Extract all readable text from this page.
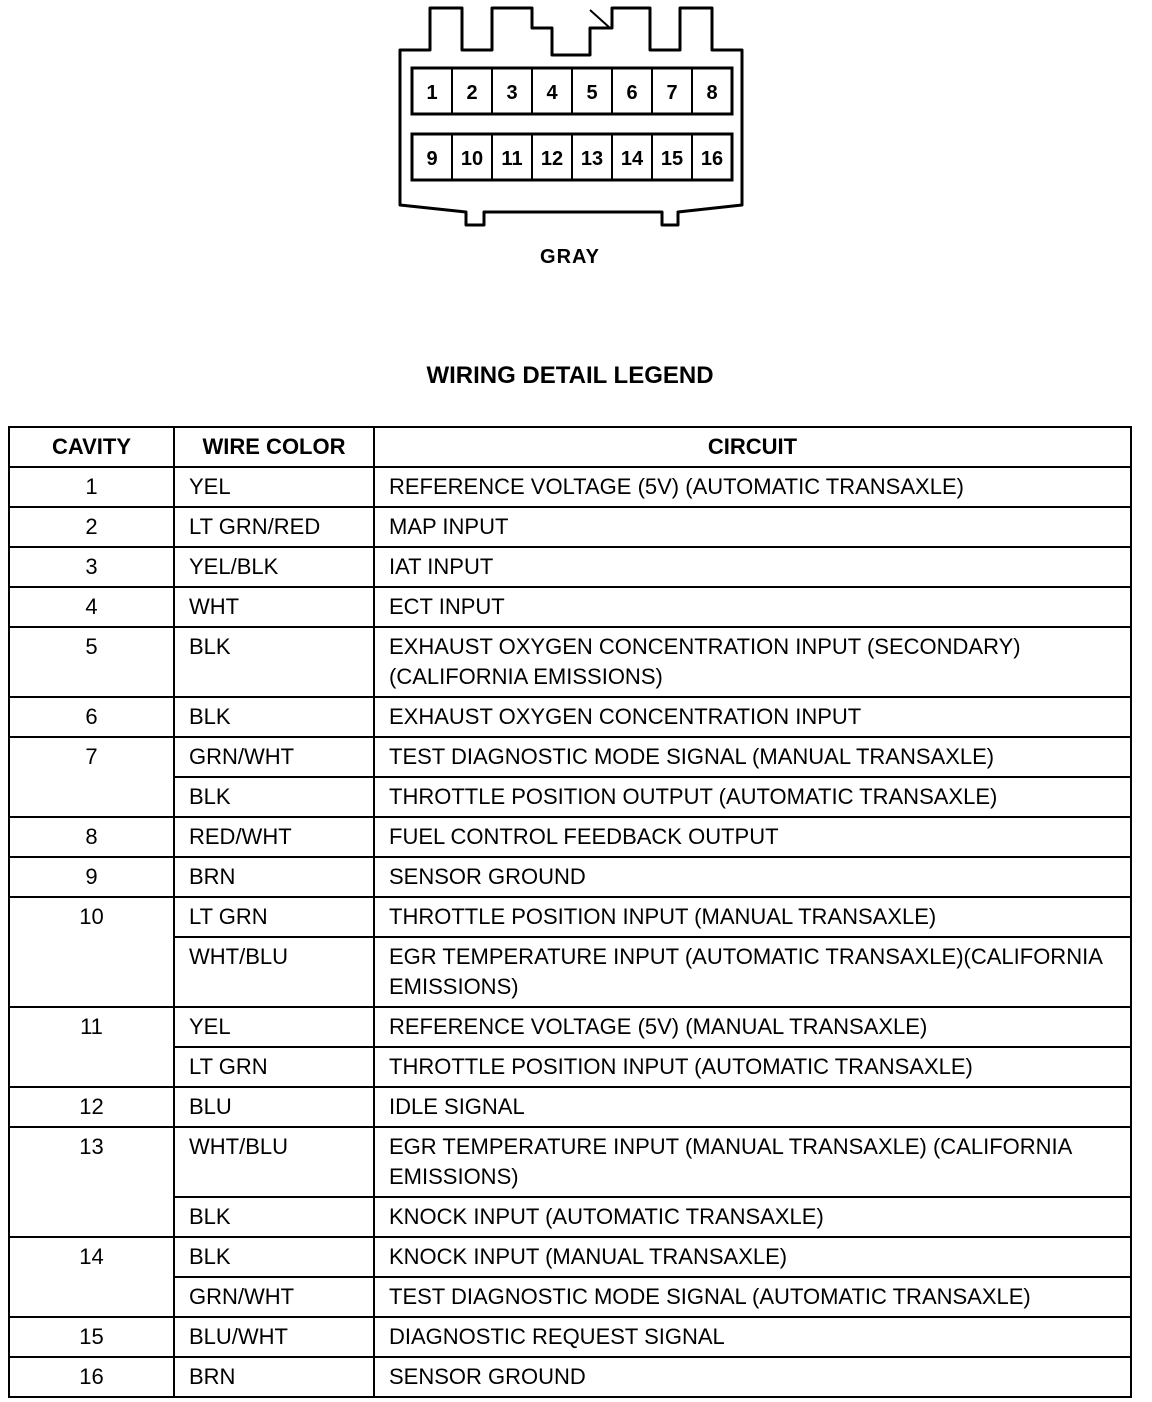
1 2 3 4 5 6 7 8
9 10 11 12 13 14 15 16
GRAY
WIRING DETAIL LEGEND
CAVITY	WIRE COLOR	CIRCUIT
1	YEL	REFERENCE VOLTAGE (5V) (AUTOMATIC TRANSAXLE)
2	LT GRN/RED	MAP INPUT
3	YEL/BLK	IAT INPUT
4	WHT	ECT INPUT
5	BLK	EXHAUST OXYGEN CONCENTRATION INPUT (SECONDARY) (CALIFORNIA EMISSIONS)
6	BLK	EXHAUST OXYGEN CONCENTRATION INPUT
7	GRN/WHT	TEST DIAGNOSTIC MODE SIGNAL (MANUAL TRANSAXLE)
	BLK	THROTTLE POSITION OUTPUT (AUTOMATIC TRANSAXLE)
8	RED/WHT	FUEL CONTROL FEEDBACK OUTPUT
9	BRN	SENSOR GROUND
10	LT GRN	THROTTLE POSITION INPUT (MANUAL TRANSAXLE)
	WHT/BLU	EGR TEMPERATURE INPUT (AUTOMATIC TRANSAXLE)(CALIFORNIA EMISSIONS)
11	YEL	REFERENCE VOLTAGE (5V) (MANUAL TRANSAXLE)
	LT GRN	THROTTLE POSITION INPUT (AUTOMATIC TRANSAXLE)
12	BLU	IDLE SIGNAL
13	WHT/BLU	EGR TEMPERATURE INPUT (MANUAL TRANSAXLE) (CALIFORNIA EMISSIONS)
	BLK	KNOCK INPUT (AUTOMATIC TRANSAXLE)
14	BLK	KNOCK INPUT (MANUAL TRANSAXLE)
	GRN/WHT	TEST DIAGNOSTIC MODE SIGNAL (AUTOMATIC TRANSAXLE)
15	BLU/WHT	DIAGNOSTIC REQUEST SIGNAL
16	BRN	SENSOR GROUND
